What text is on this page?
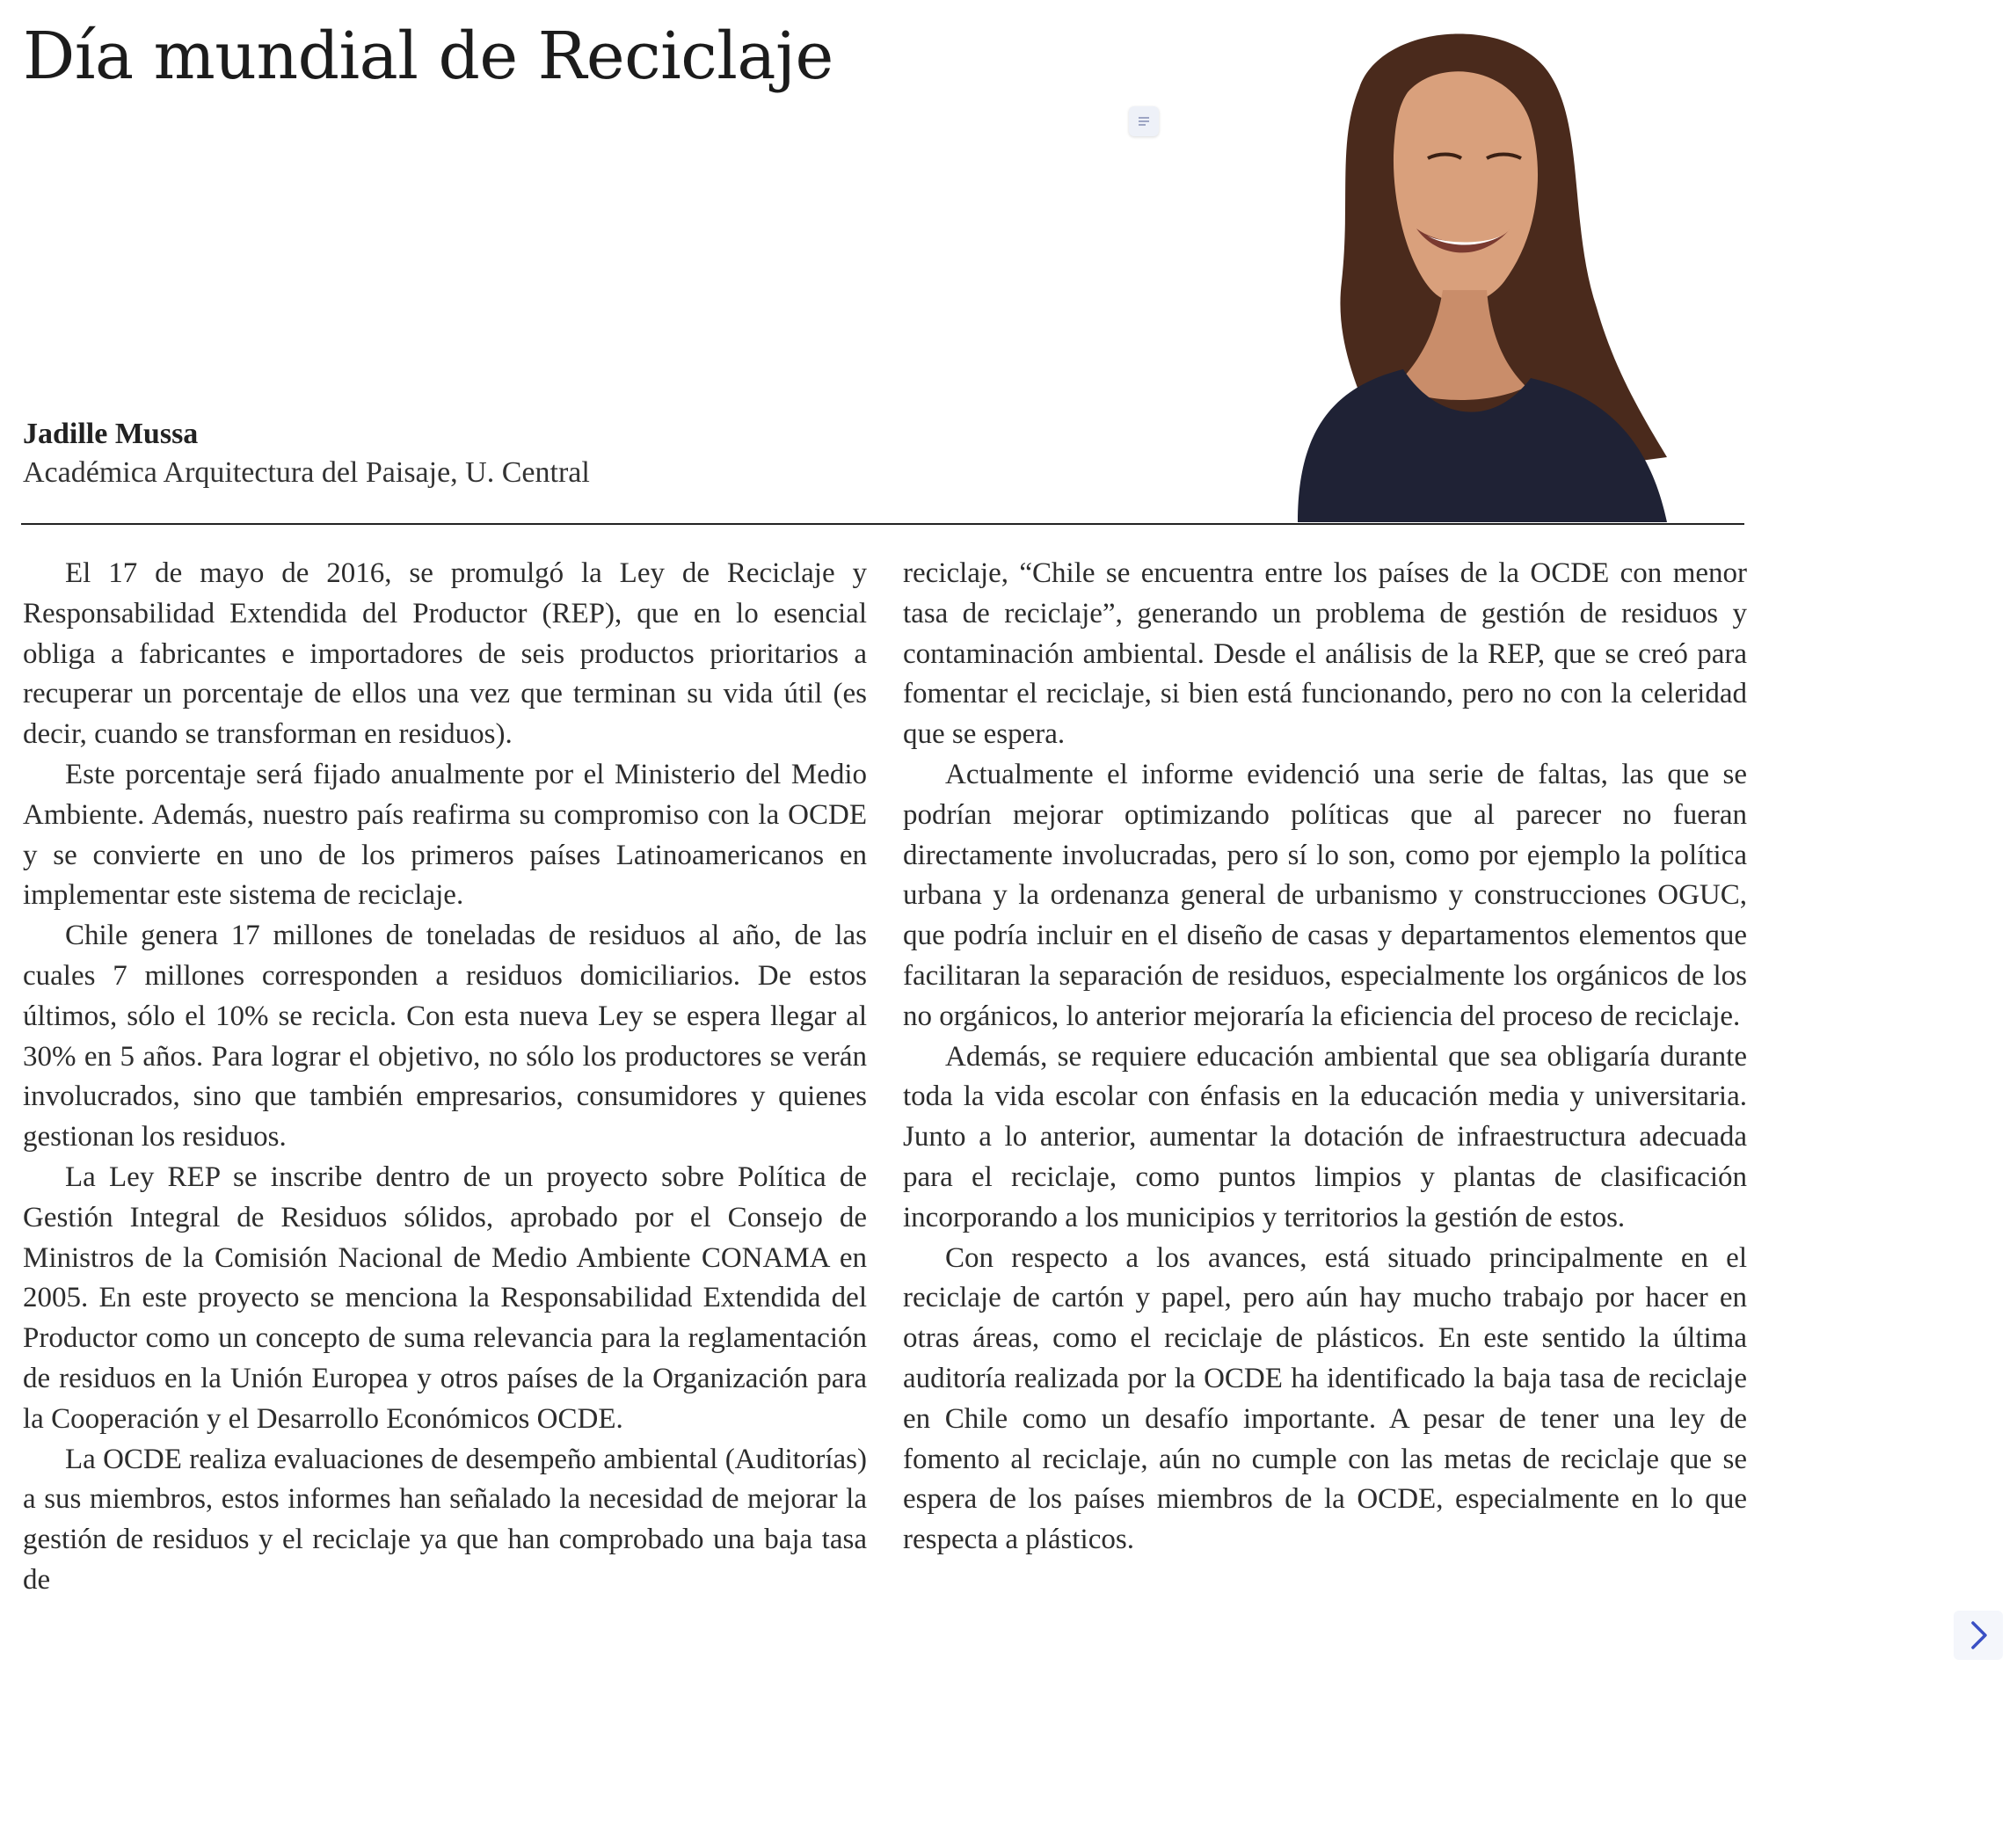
Día mundial de Reciclaje
Jadille Mussa
Académica Arquitectura del Paisaje, U. Central

El 17 de mayo de 2016, se promulgó la Ley de Reciclaje y Responsabilidad Extendida del Productor (REP), que en lo esencial obliga a fabricantes e importadores de seis productos prioritarios a recuperar un porcentaje de ellos una vez que terminan su vida útil (es decir, cuando se transforman en residuos).

Este porcentaje será fijado anualmente por el Ministerio del Medio Ambiente. Además, nuestro país reafirma su compromiso con la OCDE y se convierte en uno de los primeros países Latinoamericanos en implementar este sistema de reciclaje.

Chile genera 17 millones de toneladas de residuos al año, de las cuales 7 millones corresponden a residuos domiciliarios. De estos últimos, sólo el 10% se recicla. Con esta nueva Ley se espera llegar al 30% en 5 años. Para lograr el objetivo, no sólo los productores se verán involucrados, sino que también empresarios, consumidores y quienes gestionan los residuos.

La Ley REP se inscribe dentro de un proyecto sobre Política de Gestión Integral de Residuos sólidos, aprobado por el Consejo de Ministros de la Comisión Nacional de Medio Ambiente CONAMA en 2005. En este proyecto se menciona la Responsabilidad Extendida del Productor como un concepto de suma relevancia para la reglamentación de residuos en la Unión Europea y otros países de la Organización para la Cooperación y el Desarrollo Económicos OCDE.

La OCDE realiza evaluaciones de desempeño ambiental (Auditorías) a sus miembros, estos informes han señalado la necesidad de mejorar la gestión de residuos y el reciclaje ya que han comprobado una baja tasa de

reciclaje, “Chile se encuentra entre los países de la OCDE con menor tasa de reciclaje”, generando un problema de gestión de residuos y contaminación ambiental. Desde el análisis de la REP, que se creó para fomentar el reciclaje, si bien está funcionando, pero no con la celeridad que se espera.

Actualmente el informe evidenció una serie de faltas, las que se podrían mejorar optimizando políticas que al parecer no fueran directamente involucradas, pero sí lo son, como por ejemplo la política urbana y la ordenanza general de urbanismo y construcciones OGUC, que podría incluir en el diseño de casas y departamentos elementos que facilitaran la separación de residuos, especialmente los orgánicos de los no orgánicos, lo anterior mejoraría la eficiencia del proceso de reciclaje.

Además, se requiere educación ambiental que sea obligaría durante toda la vida escolar con énfasis en la educación media y universitaria. Junto a lo anterior, aumentar la dotación de infraestructura adecuada para el reciclaje, como puntos limpios y plantas de clasificación incorporando a los municipios y territorios la gestión de estos.

Con respecto a los avances, está situado principalmente en el reciclaje de cartón y papel, pero aún hay mucho trabajo por hacer en otras áreas, como el reciclaje de plásticos. En este sentido la última auditoría realizada por la OCDE ha identificado la baja tasa de reciclaje en Chile como un desafío importante. A pesar de tener una ley de fomento al reciclaje, aún no cumple con las metas de reciclaje que se espera de los países miembros de la OCDE, especialmente en lo que respecta a plásticos.
